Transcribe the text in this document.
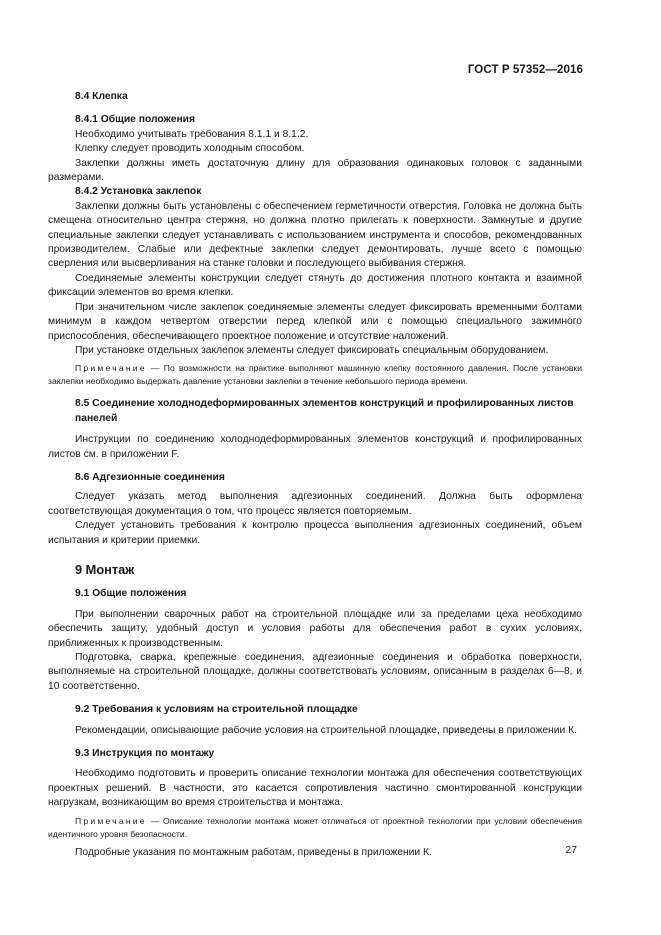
ГОСТ Р 57352—2016

8.4 Клепка

8.4.1 Общие положения

Необходимо учитывать требования 8.1.1 и 8.1.2.

Клепку следует проводить холодным способом.

Заклепки должны иметь достаточную длину для образования одинаковых головок с заданными размерами.

8.4.2 Установка заклепок

Заклепки должны быть установлены с обеспечением герметичности отверстия. Головка не должна быть смещена относительно центра стержня, но должна плотно прилегать к поверхности. Замкнутые и другие специальные заклепки следует устанавливать с использованием инструмента и способов, рекомендованных производителем. Слабые или дефектные заклепки следует демонтировать, лучше всего с помощью сверления или высверливания на станке головки и последующего выбивания стержня.

Соединяемые элементы конструкции следует стянуть до достижения плотного контакта и взаимной фиксации элементов во время клепки.

При значительном числе заклепок соединяемые элементы следует фиксировать временными болтами минимум в каждом четвертом отверстии перед клепкой или с помощью специального зажимного приспособления, обеспечивающего проектное положение и отсутствие наложений.

При установке отдельных заклепок элементы следует фиксировать специальным оборудованием.

Примечание — По возможности на практике выполняют машинную клепку постоянного давления. После установки заклепки необходимо выдержать давление установки заклепки в течение небольшого периода времени.

8.5 Соединение холоднодеформированных элементов конструкций и профилированных листов панелей

Инструкции по соединению холоднодеформированных элементов конструкций и профилированных листов см. в приложении F.

8.6 Адгезионные соединения

Следует указать метод выполнения адгезионных соединений. Должна быть оформлена соответствующая документация о том, что процесс является повторяемым.

Следует установить требования к контролю процесса выполнения адгезионных соединений, объем испытания и критерии приемки.

9 Монтаж

9.1 Общие положения

При выполнении сварочных работ на строительной площадке или за пределами цеха необходимо обеспечить защиту, удобный доступ и условия работы для обеспечения работ в сухих условиях, приближенных к производственным.

Подготовка, сварка, крепежные соединения, адгезионные соединения и обработка поверхности, выполняемые на строительной площадке, должны соответствовать условиям, описанным в разделах 6—8, и 10 соответственно.

9.2 Требования к условиям на строительной площадке

Рекомендации, описывающие рабочие условия на строительной площадке, приведены в приложении К.

9.3 Инструкция по монтажу

Необходимо подготовить и проверить описание технологии монтажа для обеспечения соответствующих проектных решений. В частности, это касается сопротивления частично смонтированной конструкции нагрузкам, возникающим во время строительства и монтажа.

Примечание — Описание технологии монтажа может отличаться от проектной технологии при условии обеспечения идентичного уровня безопасности.

Подробные указания по монтажным работам, приведены в приложении К.	27
